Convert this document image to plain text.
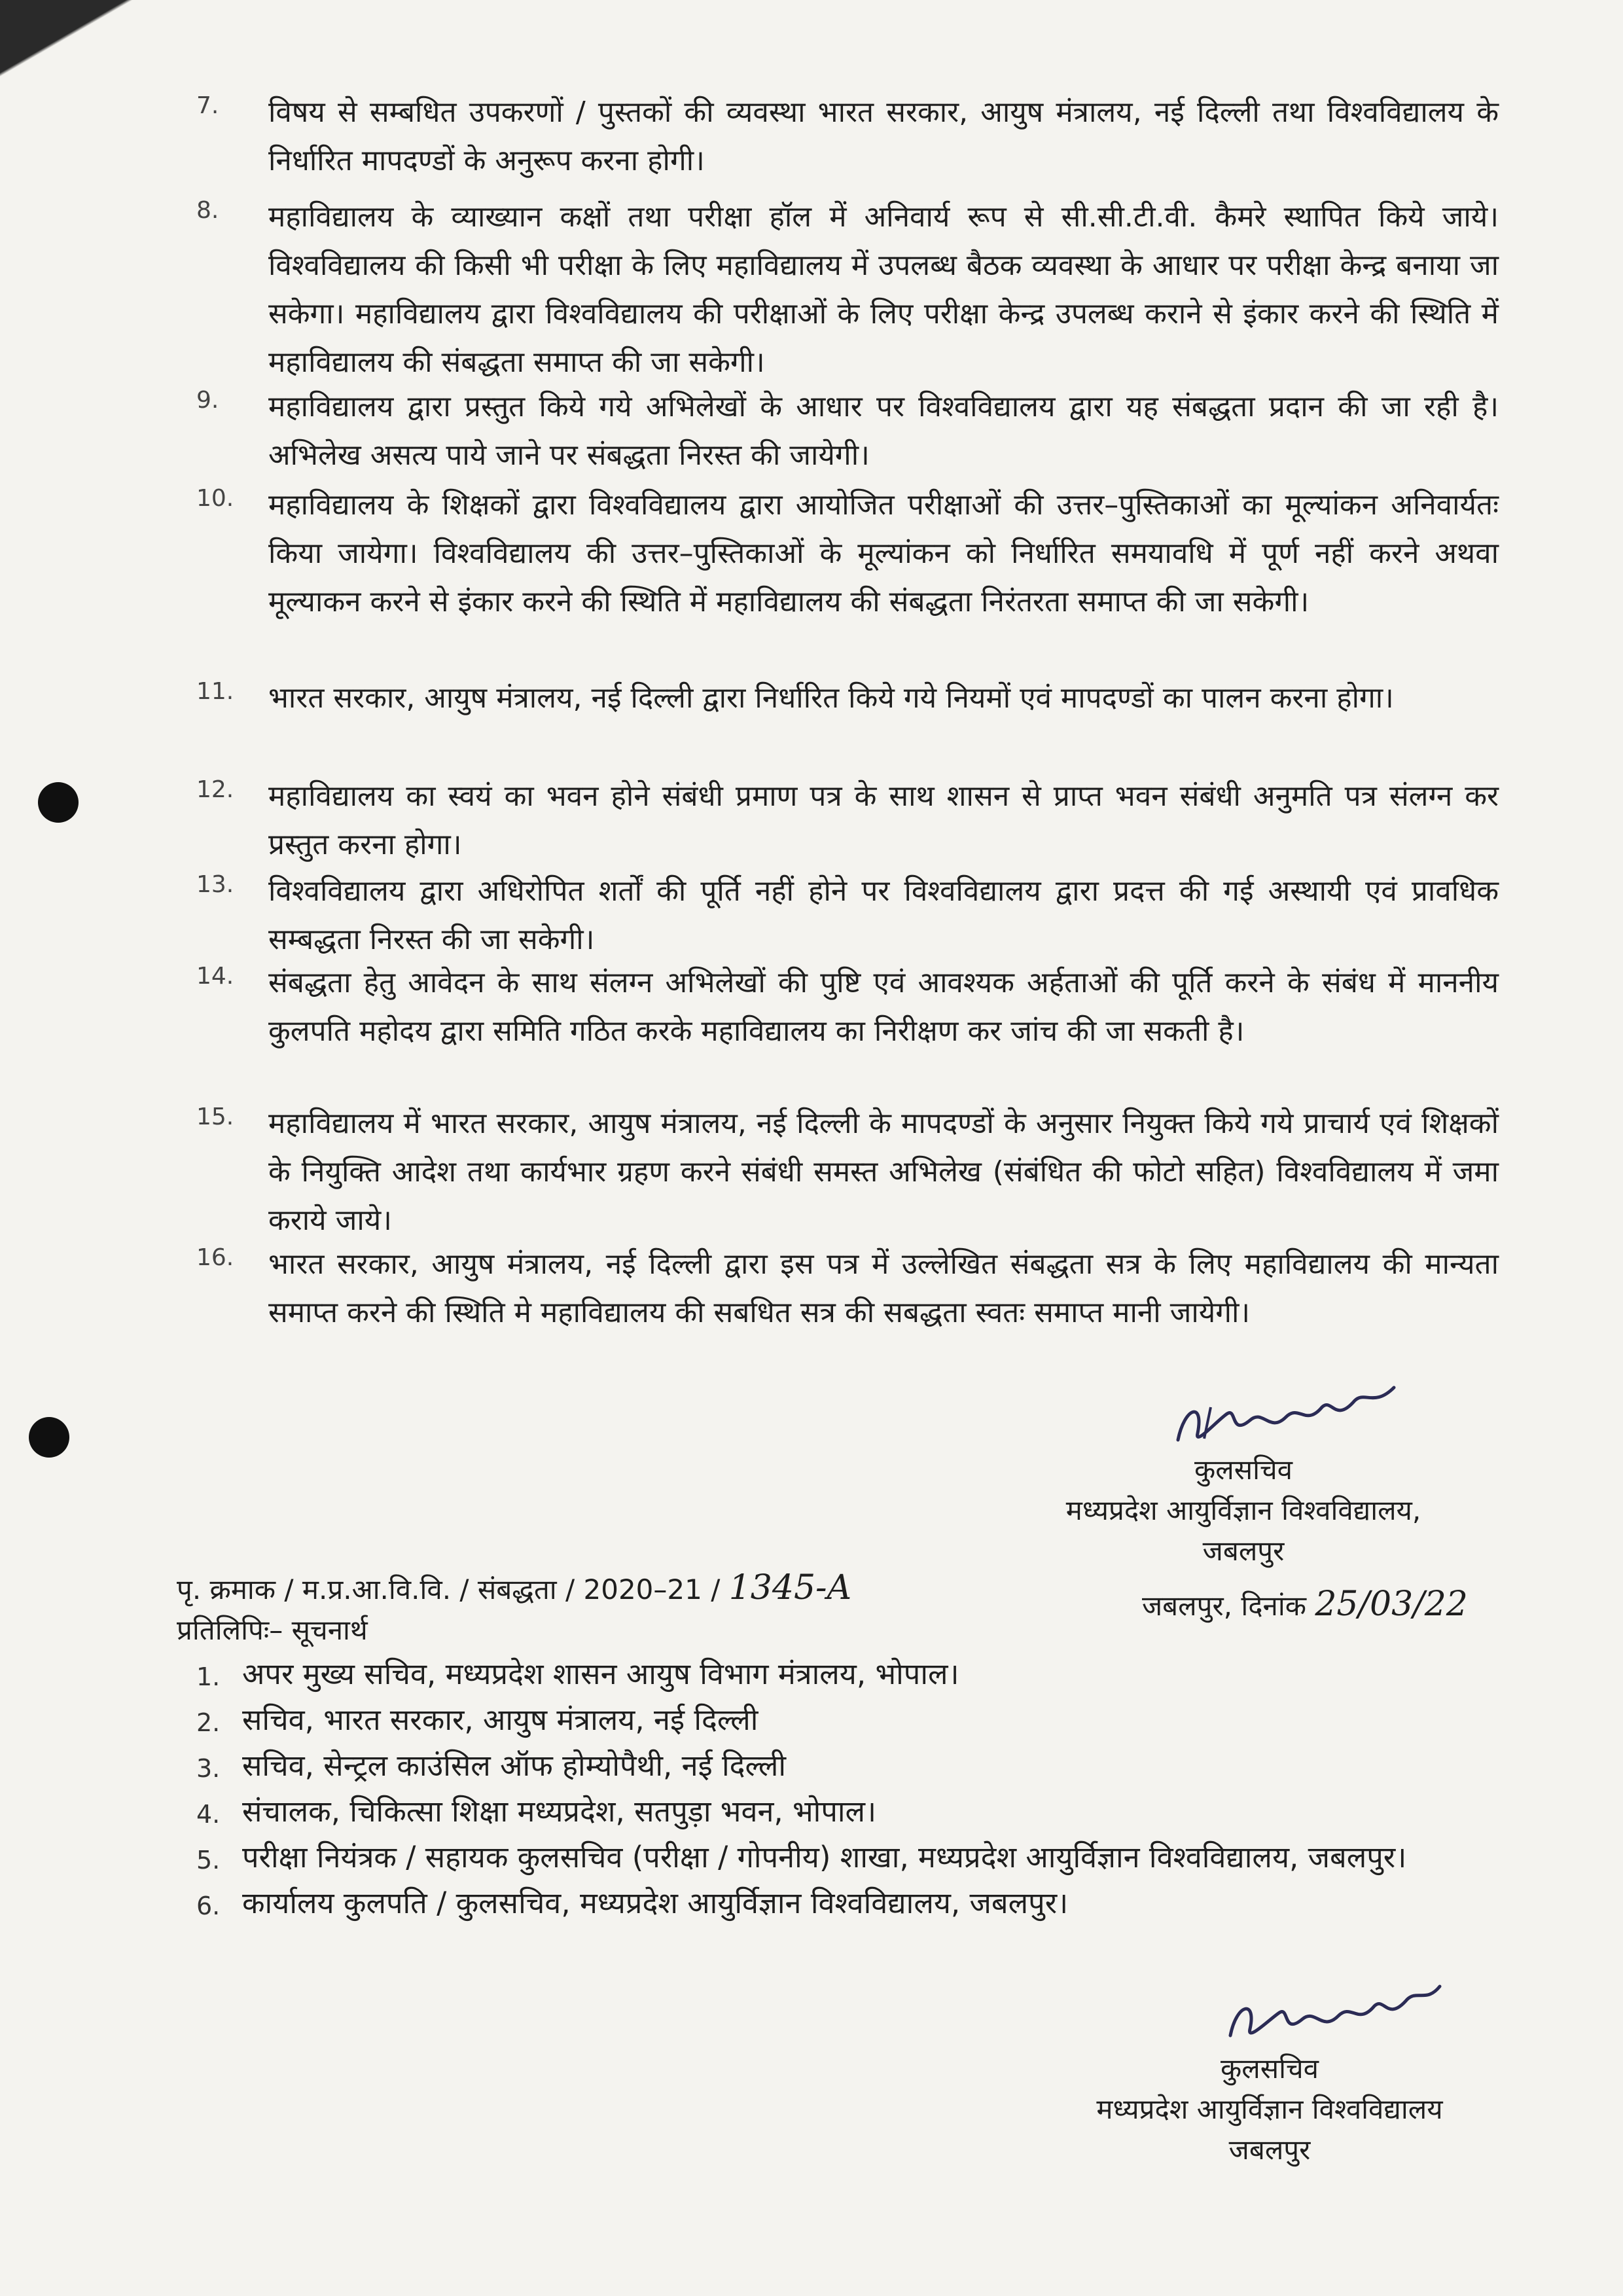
7.	विषय से सम्बधित उपकरणों / पुस्तकों की व्यवस्था भारत सरकार, आयुष मंत्रालय, नई दिल्ली तथा विश्वविद्यालय के निर्धारित मापदण्डों के अनुरूप करना होगी।
8.	महाविद्यालय के व्याख्यान कक्षों तथा परीक्षा हॉल में अनिवार्य रूप से सी.सी.टी.वी. कैमरे स्थापित किये जाये। विश्वविद्यालय की किसी भी परीक्षा के लिए महाविद्यालय में उपलब्ध बैठक व्यवस्था के आधार पर परीक्षा केन्द्र बनाया जा सकेगा। महाविद्यालय द्वारा विश्वविद्यालय की परीक्षाओं के लिए परीक्षा केन्द्र उपलब्ध कराने से इंकार करने की स्थिति में महाविद्यालय की संबद्धता समाप्त की जा सकेगी।
9.	महाविद्यालय द्वारा प्रस्तुत किये गये अभिलेखों के आधार पर विश्वविद्यालय द्वारा यह संबद्धता प्रदान की जा रही है। अभिलेख असत्य पाये जाने पर संबद्धता निरस्त की जायेगी।
10.	महाविद्यालय के शिक्षकों द्वारा विश्वविद्यालय द्वारा आयोजित परीक्षाओं की उत्तर–पुस्तिकाओं का मूल्यांकन अनिवार्यतः किया जायेगा। विश्वविद्यालय की उत्तर–पुस्तिकाओं के मूल्यांकन को निर्धारित समयावधि में पूर्ण नहीं करने अथवा मूल्याकन करने से इंकार करने की स्थिति में महाविद्यालय की संबद्धता निरंतरता समाप्त की जा सकेगी।
11.	भारत सरकार, आयुष मंत्रालय, नई दिल्ली द्वारा निर्धारित किये गये नियमों एवं मापदण्डों का पालन करना होगा।
12.	महाविद्यालय का स्वयं का भवन होने संबंधी प्रमाण पत्र के साथ शासन से प्राप्त भवन संबंधी अनुमति पत्र संलग्न कर प्रस्तुत करना होगा।
13.	विश्वविद्यालय द्वारा अधिरोपित शर्तों की पूर्ति नहीं होने पर विश्वविद्यालय द्वारा प्रदत्त की गई अस्थायी एवं प्रावधिक सम्बद्धता निरस्त की जा सकेगी।
14.	संबद्धता हेतु आवेदन के साथ संलग्न अभिलेखों की पुष्टि एवं आवश्यक अर्हताओं की पूर्ति करने के संबंध में माननीय कुलपति महोदय द्वारा समिति गठित करके महाविद्यालय का निरीक्षण कर जांच की जा सकती है।
15.	महाविद्यालय में भारत सरकार, आयुष मंत्रालय, नई दिल्ली के मापदण्डों के अनुसार नियुक्त किये गये प्राचार्य एवं शिक्षकों के नियुक्ति आदेश तथा कार्यभार ग्रहण करने संबंधी समस्त अभिलेख (संबंधित की फोटो सहित) विश्वविद्यालय में जमा कराये जाये।
16.	भारत सरकार, आयुष मंत्रालय, नई दिल्ली द्वारा इस पत्र में उल्लेखित संबद्धता सत्र के लिए महाविद्यालय की मान्यता समाप्त करने की स्थिति मे महाविद्यालय की सबधित सत्र की सबद्धता स्वतः समाप्त मानी जायेगी।
कुलसचिव
मध्यप्रदेश आयुर्विज्ञान विश्वविद्यालय,
जबलपुर
पृ. क्रमाक / म.प्र.आ.वि.वि. / संबद्धता / 2020–21 / 1345-A	जबलपुर, दिनांक 25/03/22
प्रतिलिपिः– सूचनार्थ
1. अपर मुख्य सचिव, मध्यप्रदेश शासन आयुष विभाग मंत्रालय, भोपाल।
2. सचिव, भारत सरकार, आयुष मंत्रालय, नई दिल्ली
3. सचिव, सेन्ट्रल काउंसिल ऑफ होम्योपैथी, नई दिल्ली
4. संचालक, चिकित्सा शिक्षा मध्यप्रदेश, सतपुड़ा भवन, भोपाल।
5. परीक्षा नियंत्रक / सहायक कुलसचिव (परीक्षा / गोपनीय) शाखा, मध्यप्रदेश आयुर्विज्ञान विश्वविद्यालय, जबलपुर।
6. कार्यालय कुलपति / कुलसचिव, मध्यप्रदेश आयुर्विज्ञान विश्वविद्यालय, जबलपुर।
कुलसचिव
मध्यप्रदेश आयुर्विज्ञान विश्वविद्यालय
जबलपुर
